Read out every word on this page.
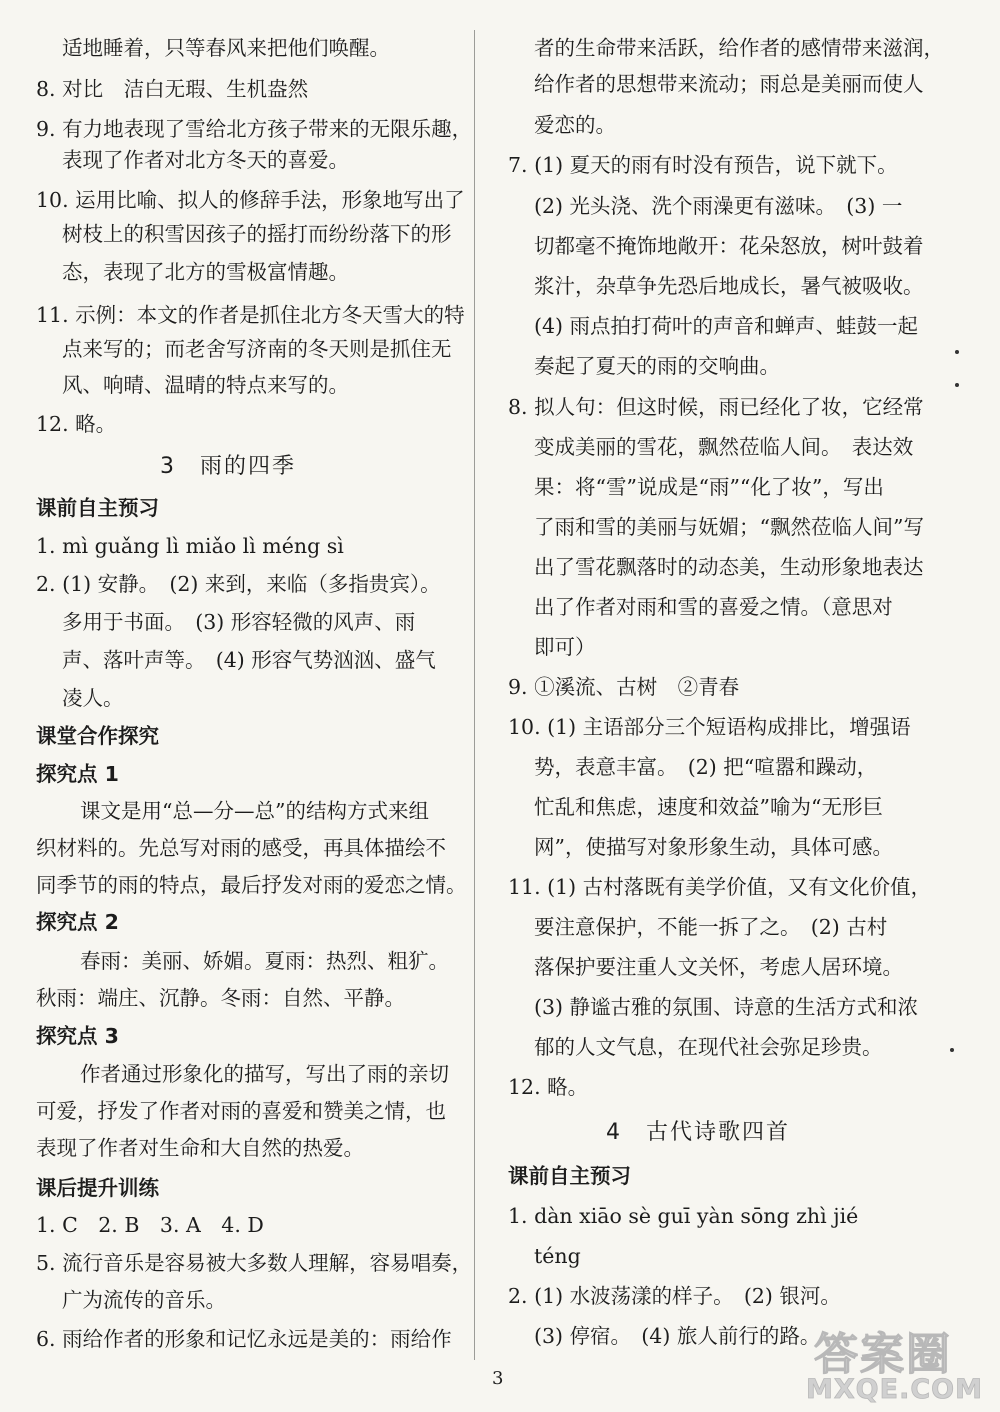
适地睡着，只等春风来把他们唤醒。
8. 对比　洁白无瑕、生机盎然
9. 有力地表现了雪给北方孩子带来的无限乐趣，
表现了作者对北方冬天的喜爱。
10. 运用比喻、拟人的修辞手法，形象地写出了
树枝上的积雪因孩子的摇打而纷纷落下的形
态，表现了北方的雪极富情趣。
11. 示例：本文的作者是抓住北方冬天雪大的特
点来写的；而老舍写济南的冬天则是抓住无
风、响晴、温晴的特点来写的。
12. 略。
3　雨的四季
课前自主预习
1. mì guǎng lì miǎo lì méng sì
2. (1) 安静。　(2) 来到，来临（多指贵宾）。
多用于书面。　(3) 形容轻微的风声、雨
声、落叶声等。　(4) 形容气势汹汹、盛气
凌人。
课堂合作探究
探究点 1
课文是用“总—分—总”的结构方式来组
织材料的。先总写对雨的感受，再具体描绘不
同季节的雨的特点，最后抒发对雨的爱恋之情。
探究点 2
春雨：美丽、娇媚。夏雨：热烈、粗犷。
秋雨：端庄、沉静。冬雨：自然、平静。
探究点 3
作者通过形象化的描写，写出了雨的亲切
可爱，抒发了作者对雨的喜爱和赞美之情，也
表现了作者对生命和大自然的热爱。
课后提升训练
1. C　2. B　3. A　4. D
5. 流行音乐是容易被大多数人理解，容易唱奏，
广为流传的音乐。
6. 雨给作者的形象和记忆永远是美的：雨给作
者的生命带来活跃，给作者的感情带来滋润，
给作者的思想带来流动；雨总是美丽而使人
爱恋的。
7. (1) 夏天的雨有时没有预告，说下就下。
(2) 光头浇、洗个雨澡更有滋味。　(3) 一
切都毫不掩饰地敞开：花朵怒放，树叶鼓着
浆汁，杂草争先恐后地成长，暑气被吸收。
(4) 雨点拍打荷叶的声音和蝉声、蛙鼓一起
奏起了夏天的雨的交响曲。
8. 拟人句：但这时候，雨已经化了妆，它经常
变成美丽的雪花，飘然莅临人间。　表达效
果：将“雪”说成是“雨”“化了妆”，写出
了雨和雪的美丽与妩媚；“飘然莅临人间”写
出了雪花飘落时的动态美，生动形象地表达
出了作者对雨和雪的喜爱之情。（意思对
即可）
9. ①溪流、古树　②青春
10. (1) 主语部分三个短语构成排比，增强语
势，表意丰富。　(2) 把“喧嚣和躁动，
忙乱和焦虑，速度和效益”喻为“无形巨
网”，使描写对象形象生动，具体可感。
11. (1) 古村落既有美学价值，又有文化价值，
要注意保护，不能一拆了之。　(2) 古村
落保护要注重人文关怀，考虑人居环境。
(3) 静谧古雅的氛围、诗意的生活方式和浓
郁的人文气息，在现代社会弥足珍贵。
12. 略。
4　古代诗歌四首
课前自主预习
1. dàn xiāo sè guī yàn sōng zhì jié
téng
2. (1) 水波荡漾的样子。　(2) 银河。
(3) 停宿。　(4) 旅人前行的路。
3	答案圈
MXQE.COM
